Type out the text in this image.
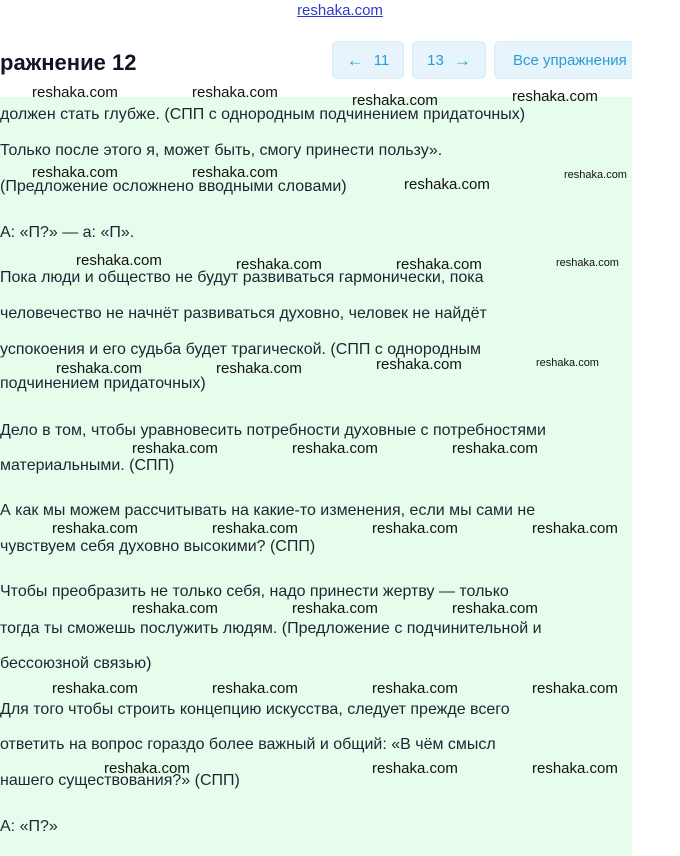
reshaka.com
ражнение 12	← 11	13 →	Все упражнения
должен стать глубже. (СПП с однородным подчинением придаточных)
Только после этого я, может быть, смогу принести пользу».
(Предложение осложнено вводными словами)
А: «П?» — а: «П».
Пока люди и общество не будут развиваться гармонически, пока
человечество не начнёт развиваться духовно, человек не найдёт
успокоения и его судьба будет трагической. (СПП с однородным
подчинением придаточных)
Дело в том, чтобы уравновесить потребности духовные с потребностями
материальными. (СПП)
А как мы можем рассчитывать на какие-то изменения, если мы сами не
чувствуем себя духовно высокими? (СПП)
Чтобы преобразить не только себя, надо принести жертву — только
тогда ты сможешь послужить людям. (Предложение с подчинительной и
бессоюзной связью)
Для того чтобы строить концепцию искусства, следует прежде всего
ответить на вопрос гораздо более важный и общий: «В чём смысл
нашего существования?» (СПП)
А: «П?»
reshaka.com	reshaka.com	reshaka.com	reshaka.com
reshaka.com	reshaka.com
reshaka.com
reshaka.com
reshaka.com	reshaka.com	reshaka.com	reshaka.com
reshaka.com	reshaka.com	reshaka.com	reshaka.com
reshaka.com	reshaka.com	reshaka.com
reshaka.com	reshaka.com	reshaka.com	reshaka.com
reshaka.com	reshaka.com	reshaka.com
reshaka.com	reshaka.com	reshaka.com	reshaka.com
reshaka.com	reshaka.com	reshaka.com
